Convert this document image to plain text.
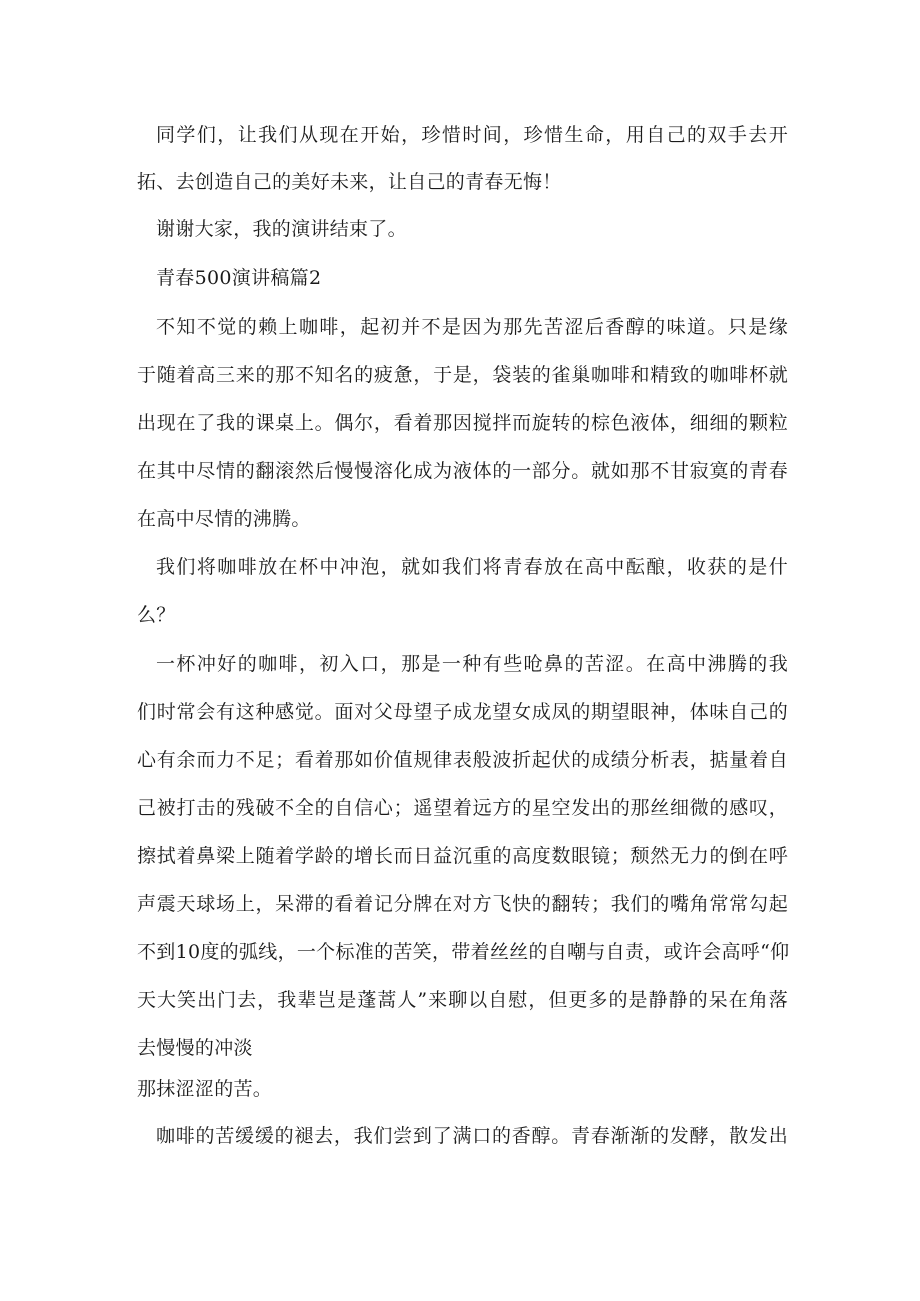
同学们，让我们从现在开始，珍惜时间，珍惜生命，用自己的双手去开
拓、去创造自己的美好未来，让自己的青春无悔！
谢谢大家，我的演讲结束了。
青春500演讲稿篇2
不知不觉的赖上咖啡，起初并不是因为那先苦涩后香醇的味道。只是缘
于随着高三来的那不知名的疲惫，于是，袋装的雀巢咖啡和精致的咖啡杯就
出现在了我的课桌上。偶尔，看着那因搅拌而旋转的棕色液体，细细的颗粒
在其中尽情的翻滚然后慢慢溶化成为液体的一部分。就如那不甘寂寞的青春
在高中尽情的沸腾。
我们将咖啡放在杯中冲泡，就如我们将青春放在高中酝酿，收获的是什
么？
一杯冲好的咖啡，初入口，那是一种有些呛鼻的苦涩。在高中沸腾的我
们时常会有这种感觉。面对父母望子成龙望女成凤的期望眼神，体味自己的
心有余而力不足；看着那如价值规律表般波折起伏的成绩分析表，掂量着自
己被打击的残破不全的自信心；遥望着远方的星空发出的那丝细微的感叹，
擦拭着鼻梁上随着学龄的增长而日益沉重的高度数眼镜；颓然无力的倒在呼
声震天球场上，呆滞的看着记分牌在对方飞快的翻转；我们的嘴角常常勾起
不到10度的弧线，一个标准的苦笑，带着丝丝的自嘲与自责，或许会高呼“仰
天大笑出门去，我辈岂是蓬蒿人”来聊以自慰，但更多的是静静的呆在角落
去慢慢的冲淡
那抹涩涩的苦。
咖啡的苦缓缓的褪去，我们尝到了满口的香醇。青春渐渐的发酵，散发出
